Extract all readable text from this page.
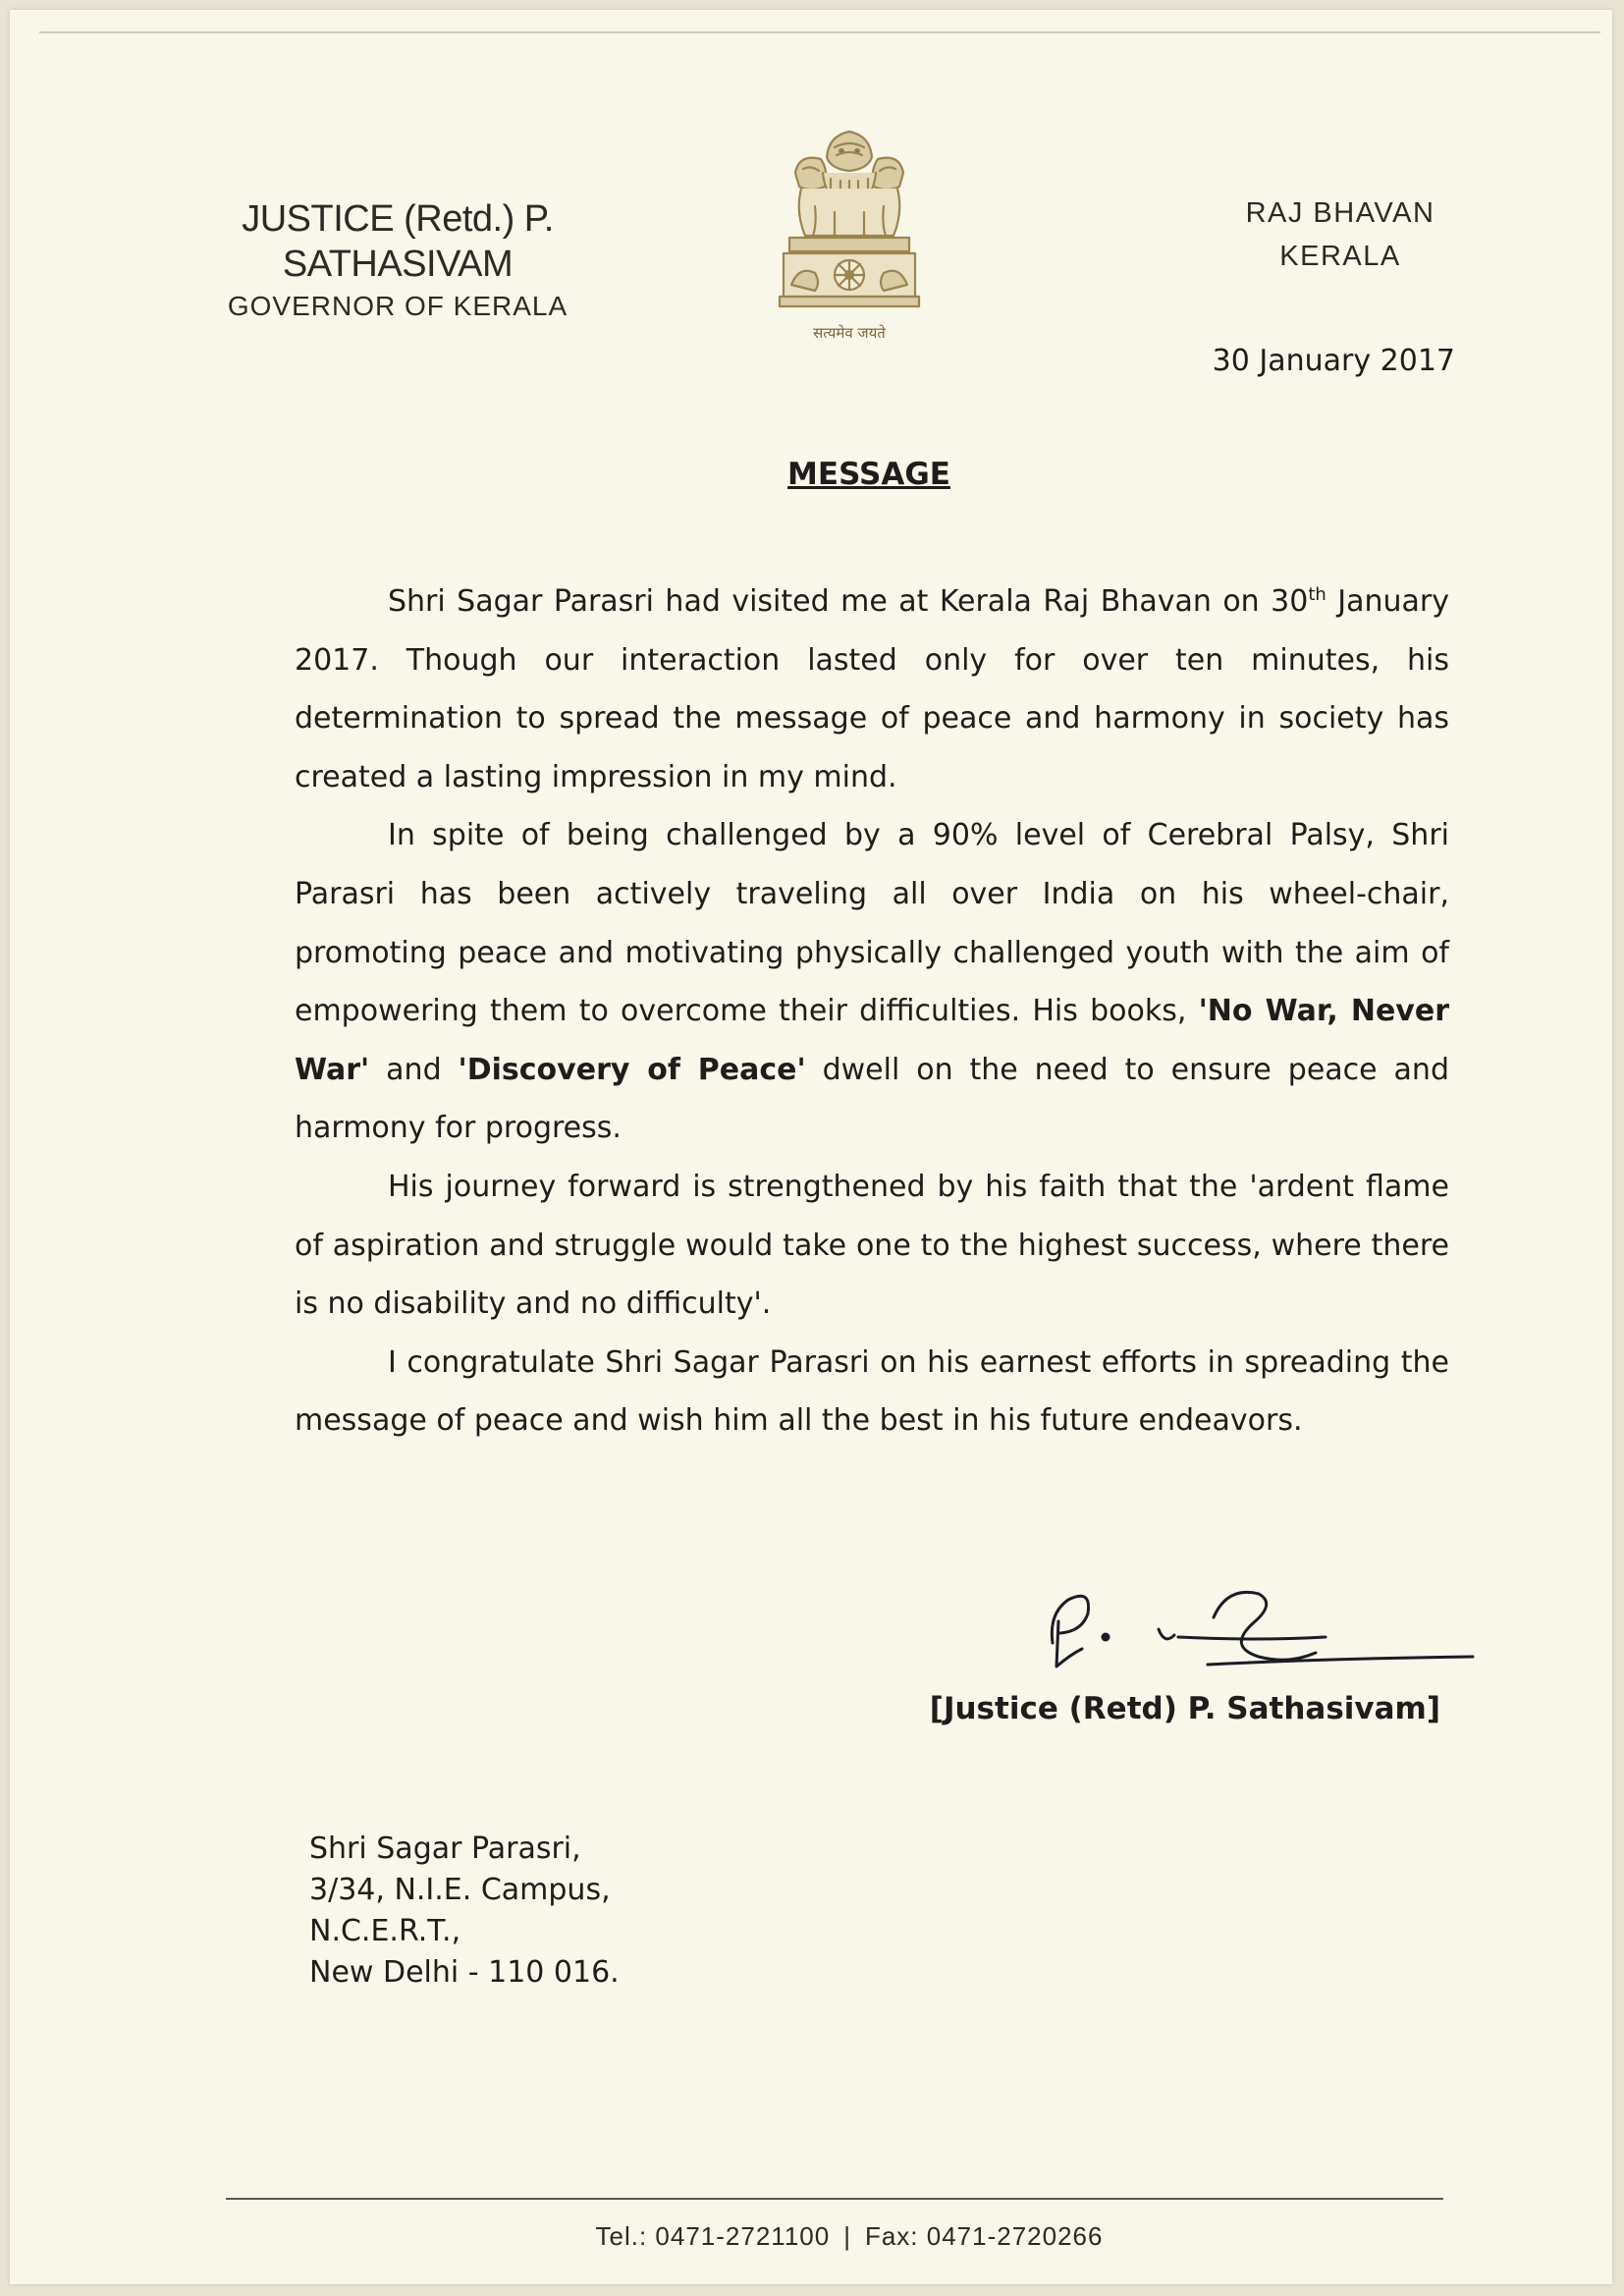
JUSTICE (Retd.) P. SATHASIVAM
GOVERNOR OF KERALA
सत्यमेव जयते
RAJ BHAVAN
KERALA
30 January 2017
MESSAGE

Shri Sagar Parasri had visited me at Kerala Raj Bhavan on 30th January 2017. Though our interaction lasted only for over ten minutes, his determination to spread the message of peace and harmony in society has created a lasting impression in my mind.

In spite of being challenged by a 90% level of Cerebral Palsy, Shri Parasri has been actively traveling all over India on his wheel-chair, promoting peace and motivating physically challenged youth with the aim of empowering them to overcome their difficulties. His books, 'No War, Never War' and 'Discovery of Peace' dwell on the need to ensure peace and harmony for progress.

His journey forward is strengthened by his faith that the 'ardent flame of aspiration and struggle would take one to the highest success, where there is no disability and no difficulty'.

I congratulate Shri Sagar Parasri on his earnest efforts in spreading the message of peace and wish him all the best in his future endeavors.

[Justice (Retd) P. Sathasivam]
Shri Sagar Parasri,
3/34, N.I.E. Campus,
N.C.E.R.T.,
New Delhi - 110 016.
Tel.: 0471-2721100 | Fax: 0471-2720266
